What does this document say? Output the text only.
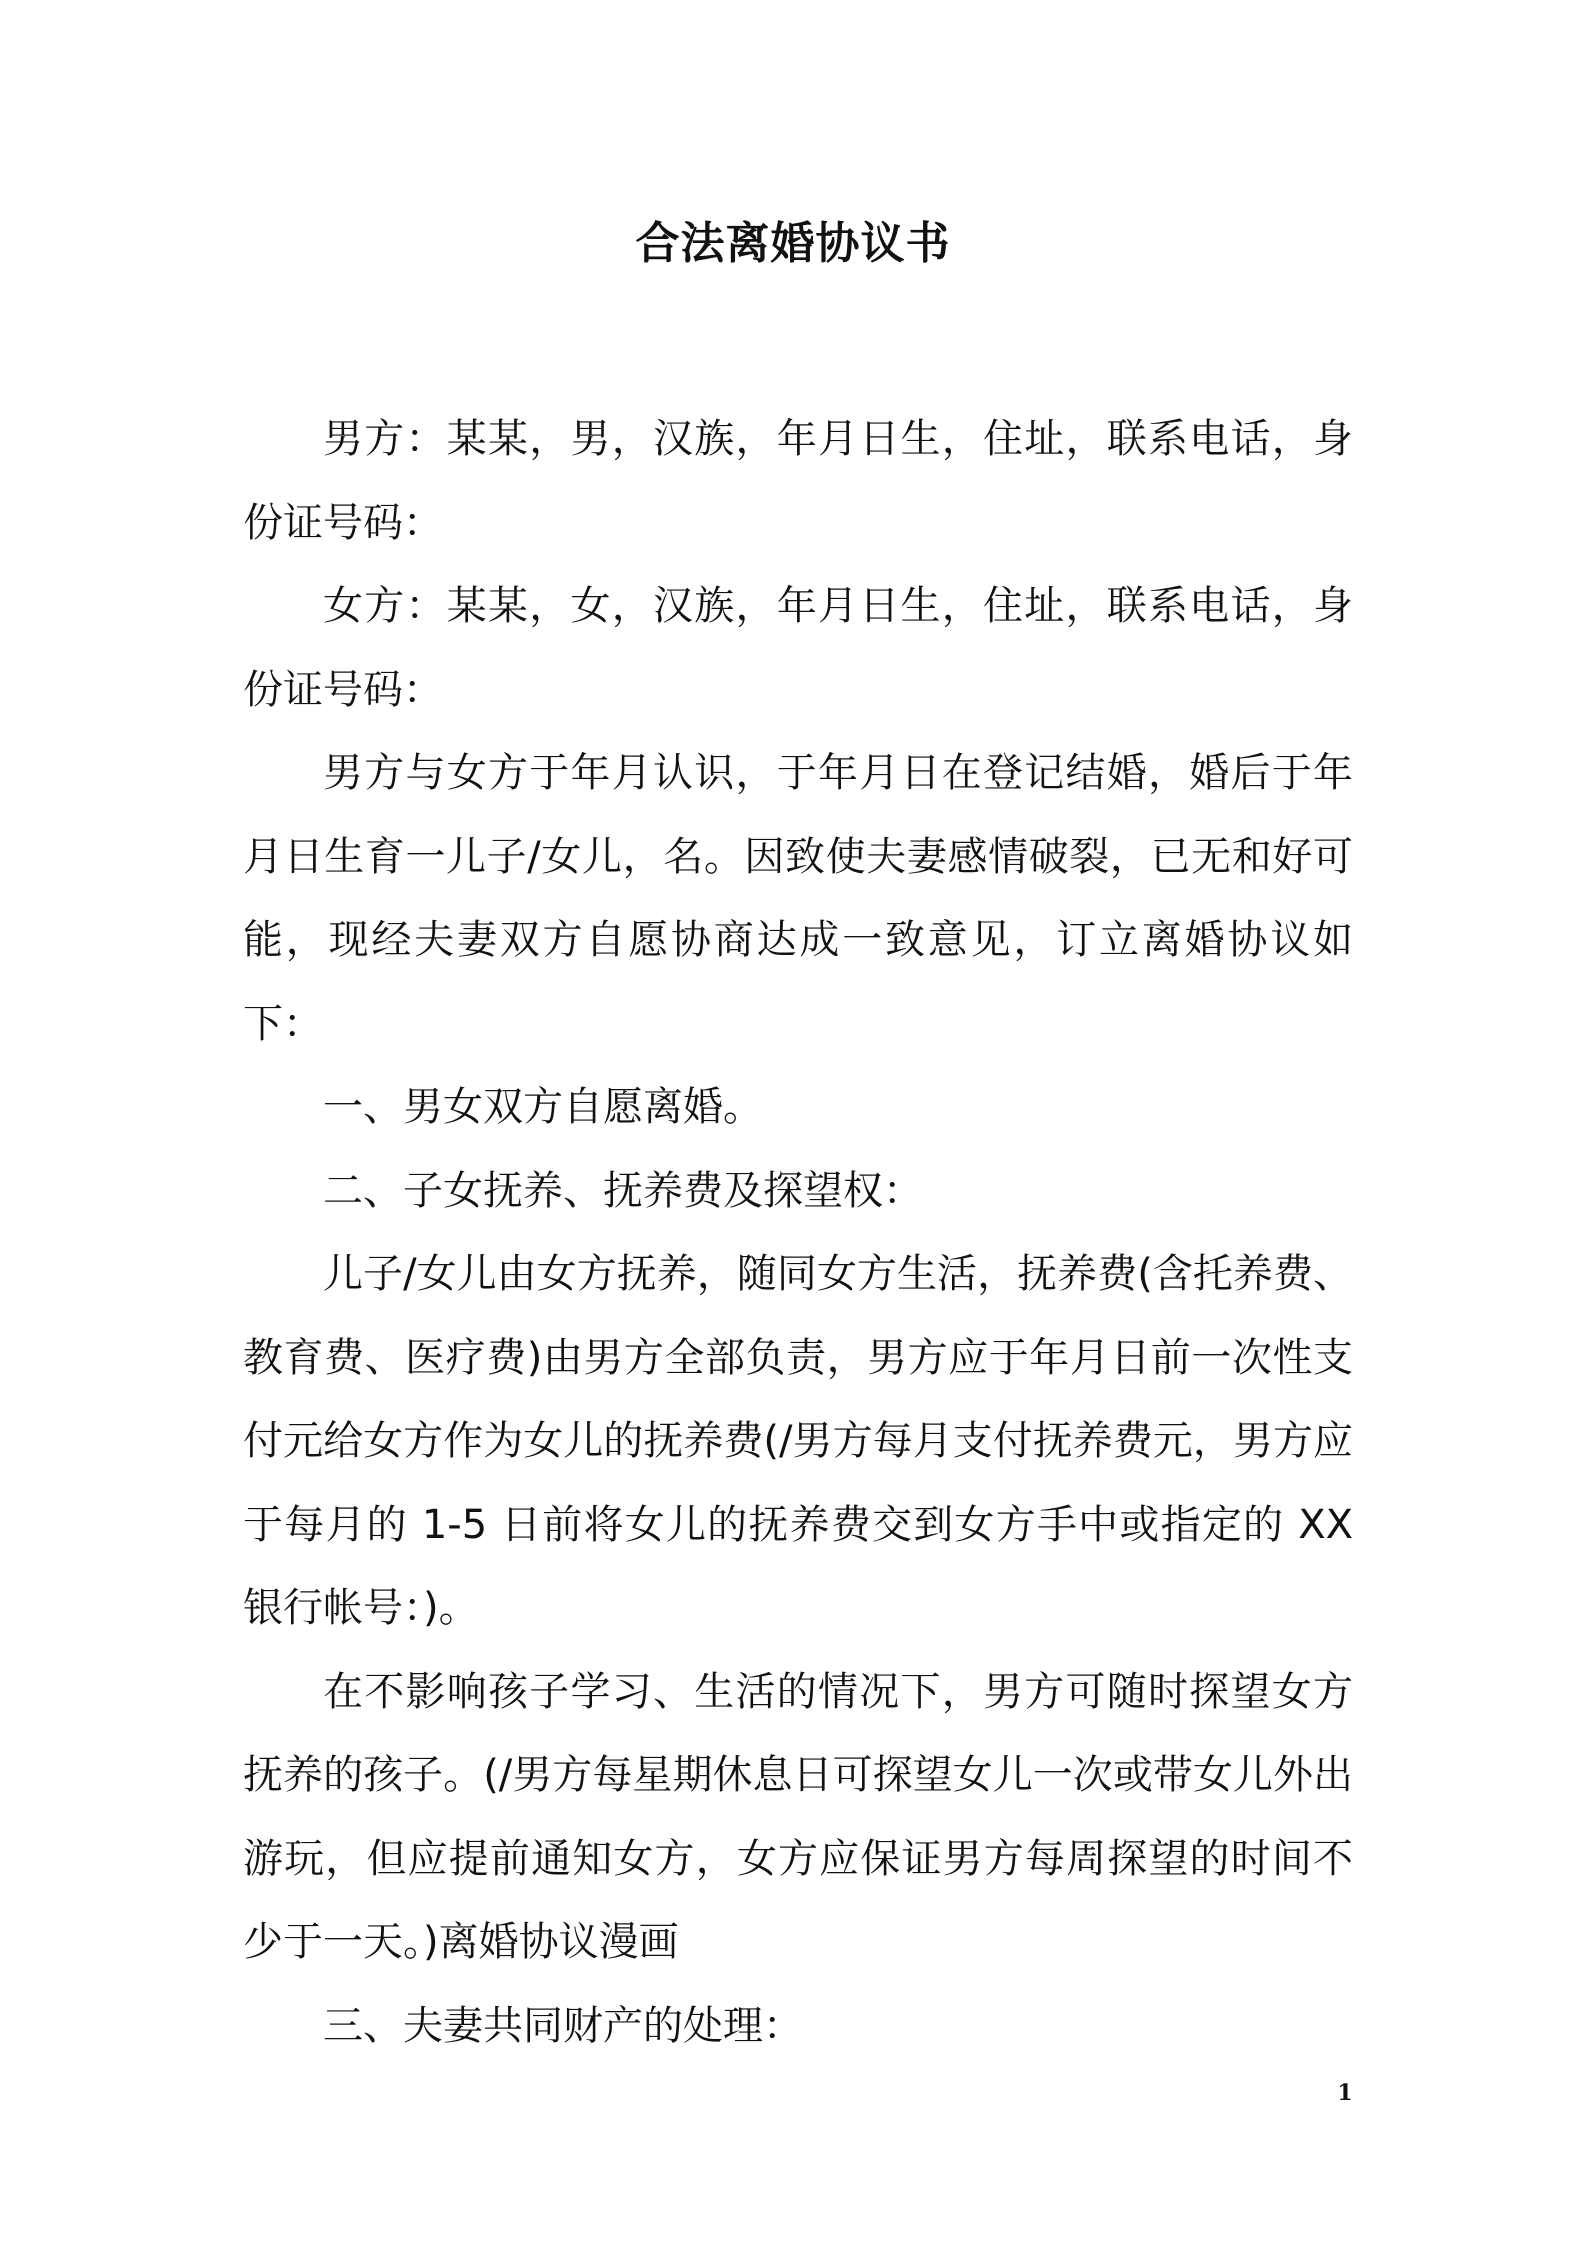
合法离婚协议书

男方：某某，男，汉族，年月日生，住址，联系电话，身份证号码：

女方：某某，女，汉族，年月日生，住址，联系电话，身份证号码：

男方与女方于年月认识，于年月日在登记结婚，婚后于年月日生育一儿子/女儿，名。因致使夫妻感情破裂，已无和好可能，现经夫妻双方自愿协商达成一致意见，订立离婚协议如下：

一、男女双方自愿离婚。

二、子女抚养、抚养费及探望权：

儿子/女儿由女方抚养，随同女方生活，抚养费(含托养费、教育费、医疗费)由男方全部负责，男方应于年月日前一次性支付元给女方作为女儿的抚养费(/男方每月支付抚养费元，男方应于每月的 1-5 日前将女儿的抚养费交到女方手中或指定的 XX 银行帐号：)。

在不影响孩子学习、生活的情况下，男方可随时探望女方抚养的孩子。(/男方每星期休息日可探望女儿一次或带女儿外出游玩，但应提前通知女方，女方应保证男方每周探望的时间不少于一天。)离婚协议漫画

三、夫妻共同财产的处理：

1
